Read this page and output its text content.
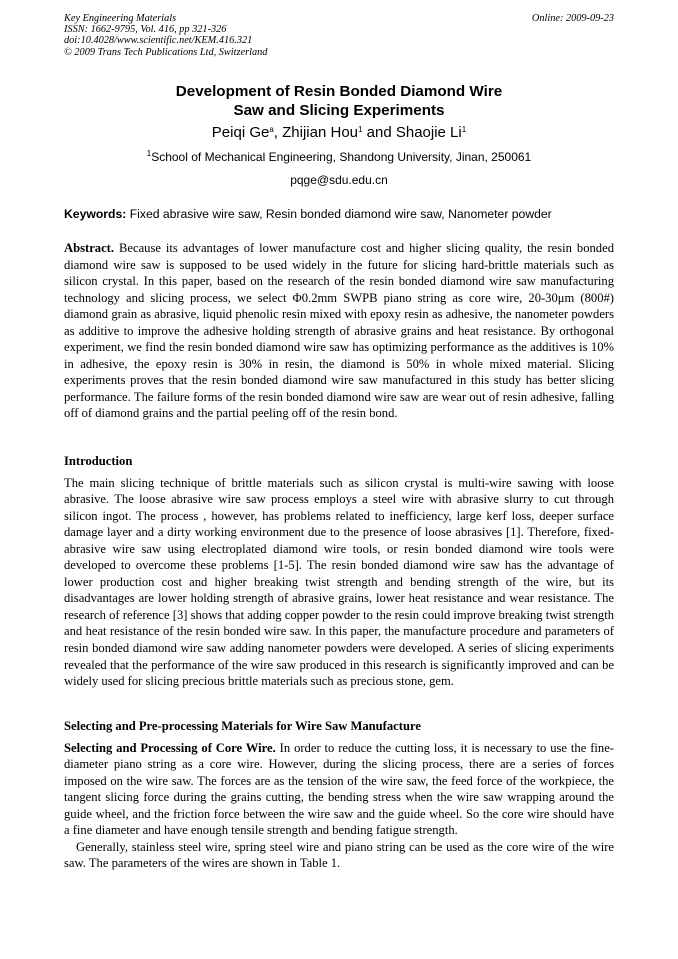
Key Engineering Materials
ISSN: 1662-9795, Vol. 416, pp 321-326
doi:10.4028/www.scientific.net/KEM.416.321
© 2009 Trans Tech Publications Ltd, Switzerland
Online: 2009-09-23
Development of Resin Bonded Diamond Wire
Saw and Slicing Experiments
Peiqi Ge$^a$, Zhijian Hou$^1$ and Shaojie Li$^1$
$^1$School of Mechanical Engineering, Shandong University, Jinan, 250061
pqge@sdu.edu.cn
Keywords: Fixed abrasive wire saw, Resin bonded diamond wire saw, Nanometer powder

Abstract. Because its advantages of lower manufacture cost and higher slicing quality, the resin bonded diamond wire saw is supposed to be used widely in the future for slicing hard-brittle materials such as silicon crystal. In this paper, based on the research of the resin bonded diamond wire saw manufacturing technology and slicing process, we select Φ0.2mm SWPB piano string as core wire, 20-30μm (800#) diamond grain as abrasive, liquid phenolic resin mixed with epoxy resin as adhesive, the nanometer powders as additive to improve the adhesive holding strength of abrasive grains and heat resistance. By orthogonal experiment, we find the resin bonded diamond wire saw has optimizing performance as the additives is 10% in adhesive, the epoxy resin is 30% in resin, the diamond is 50% in whole mixed material. Slicing experiments proves that the resin bonded diamond wire saw manufactured in this study has better slicing performance. The failure forms of the resin bonded diamond wire saw are wear out of resin adhesive, falling off of diamond grains and the partial peeling off of the resin bond.

Introduction

The main slicing technique of brittle materials such as silicon crystal is multi-wire sawing with loose abrasive. The loose abrasive wire saw process employs a steel wire with abrasive slurry to cut through silicon ingot. The process , however, has problems related to inefficiency, large kerf loss, deeper surface damage layer and a dirty working environment due to the presence of loose abrasives [1]. Therefore, fixed-abrasive wire saw using electroplated diamond wire tools, or resin bonded diamond wire tools were developed to overcome these problems [1-5]. The resin bonded diamond wire saw has the advantage of lower production cost and higher breaking twist strength and bending strength of the wire, but its disadvantages are lower holding strength of abrasive grains, lower heat resistance and wear resistance. The research of reference [3] shows that adding copper powder to the resin could improve breaking twist strength and heat resistance of the resin bonded wire saw. In this paper, the manufacture procedure and parameters of resin bonded diamond wire saw adding nanometer powders were developed. A series of slicing experiments revealed that the performance of the wire saw produced in this research is significantly improved and can be widely used for slicing precious brittle materials such as precious stone, gem.

Selecting and Pre-processing Materials for Wire Saw Manufacture

Selecting and Processing of Core Wire. In order to reduce the cutting loss, it is necessary to use the fine-diameter piano string as a core wire. However, during the slicing process, there are a series of forces imposed on the wire saw. The forces are as the tension of the wire saw, the feed force of the workpiece, the tangent slicing force during the grains cutting, the bending stress when the wire saw wrapping around the guide wheel, and the friction force between the wire saw and the guide wheel. So the core wire should have a fine diameter and have enough tensile strength and bending fatigue strength.

Generally, stainless steel wire, spring steel wire and piano string can be used as the core wire of the wire saw. The parameters of the wires are shown in Table 1.
